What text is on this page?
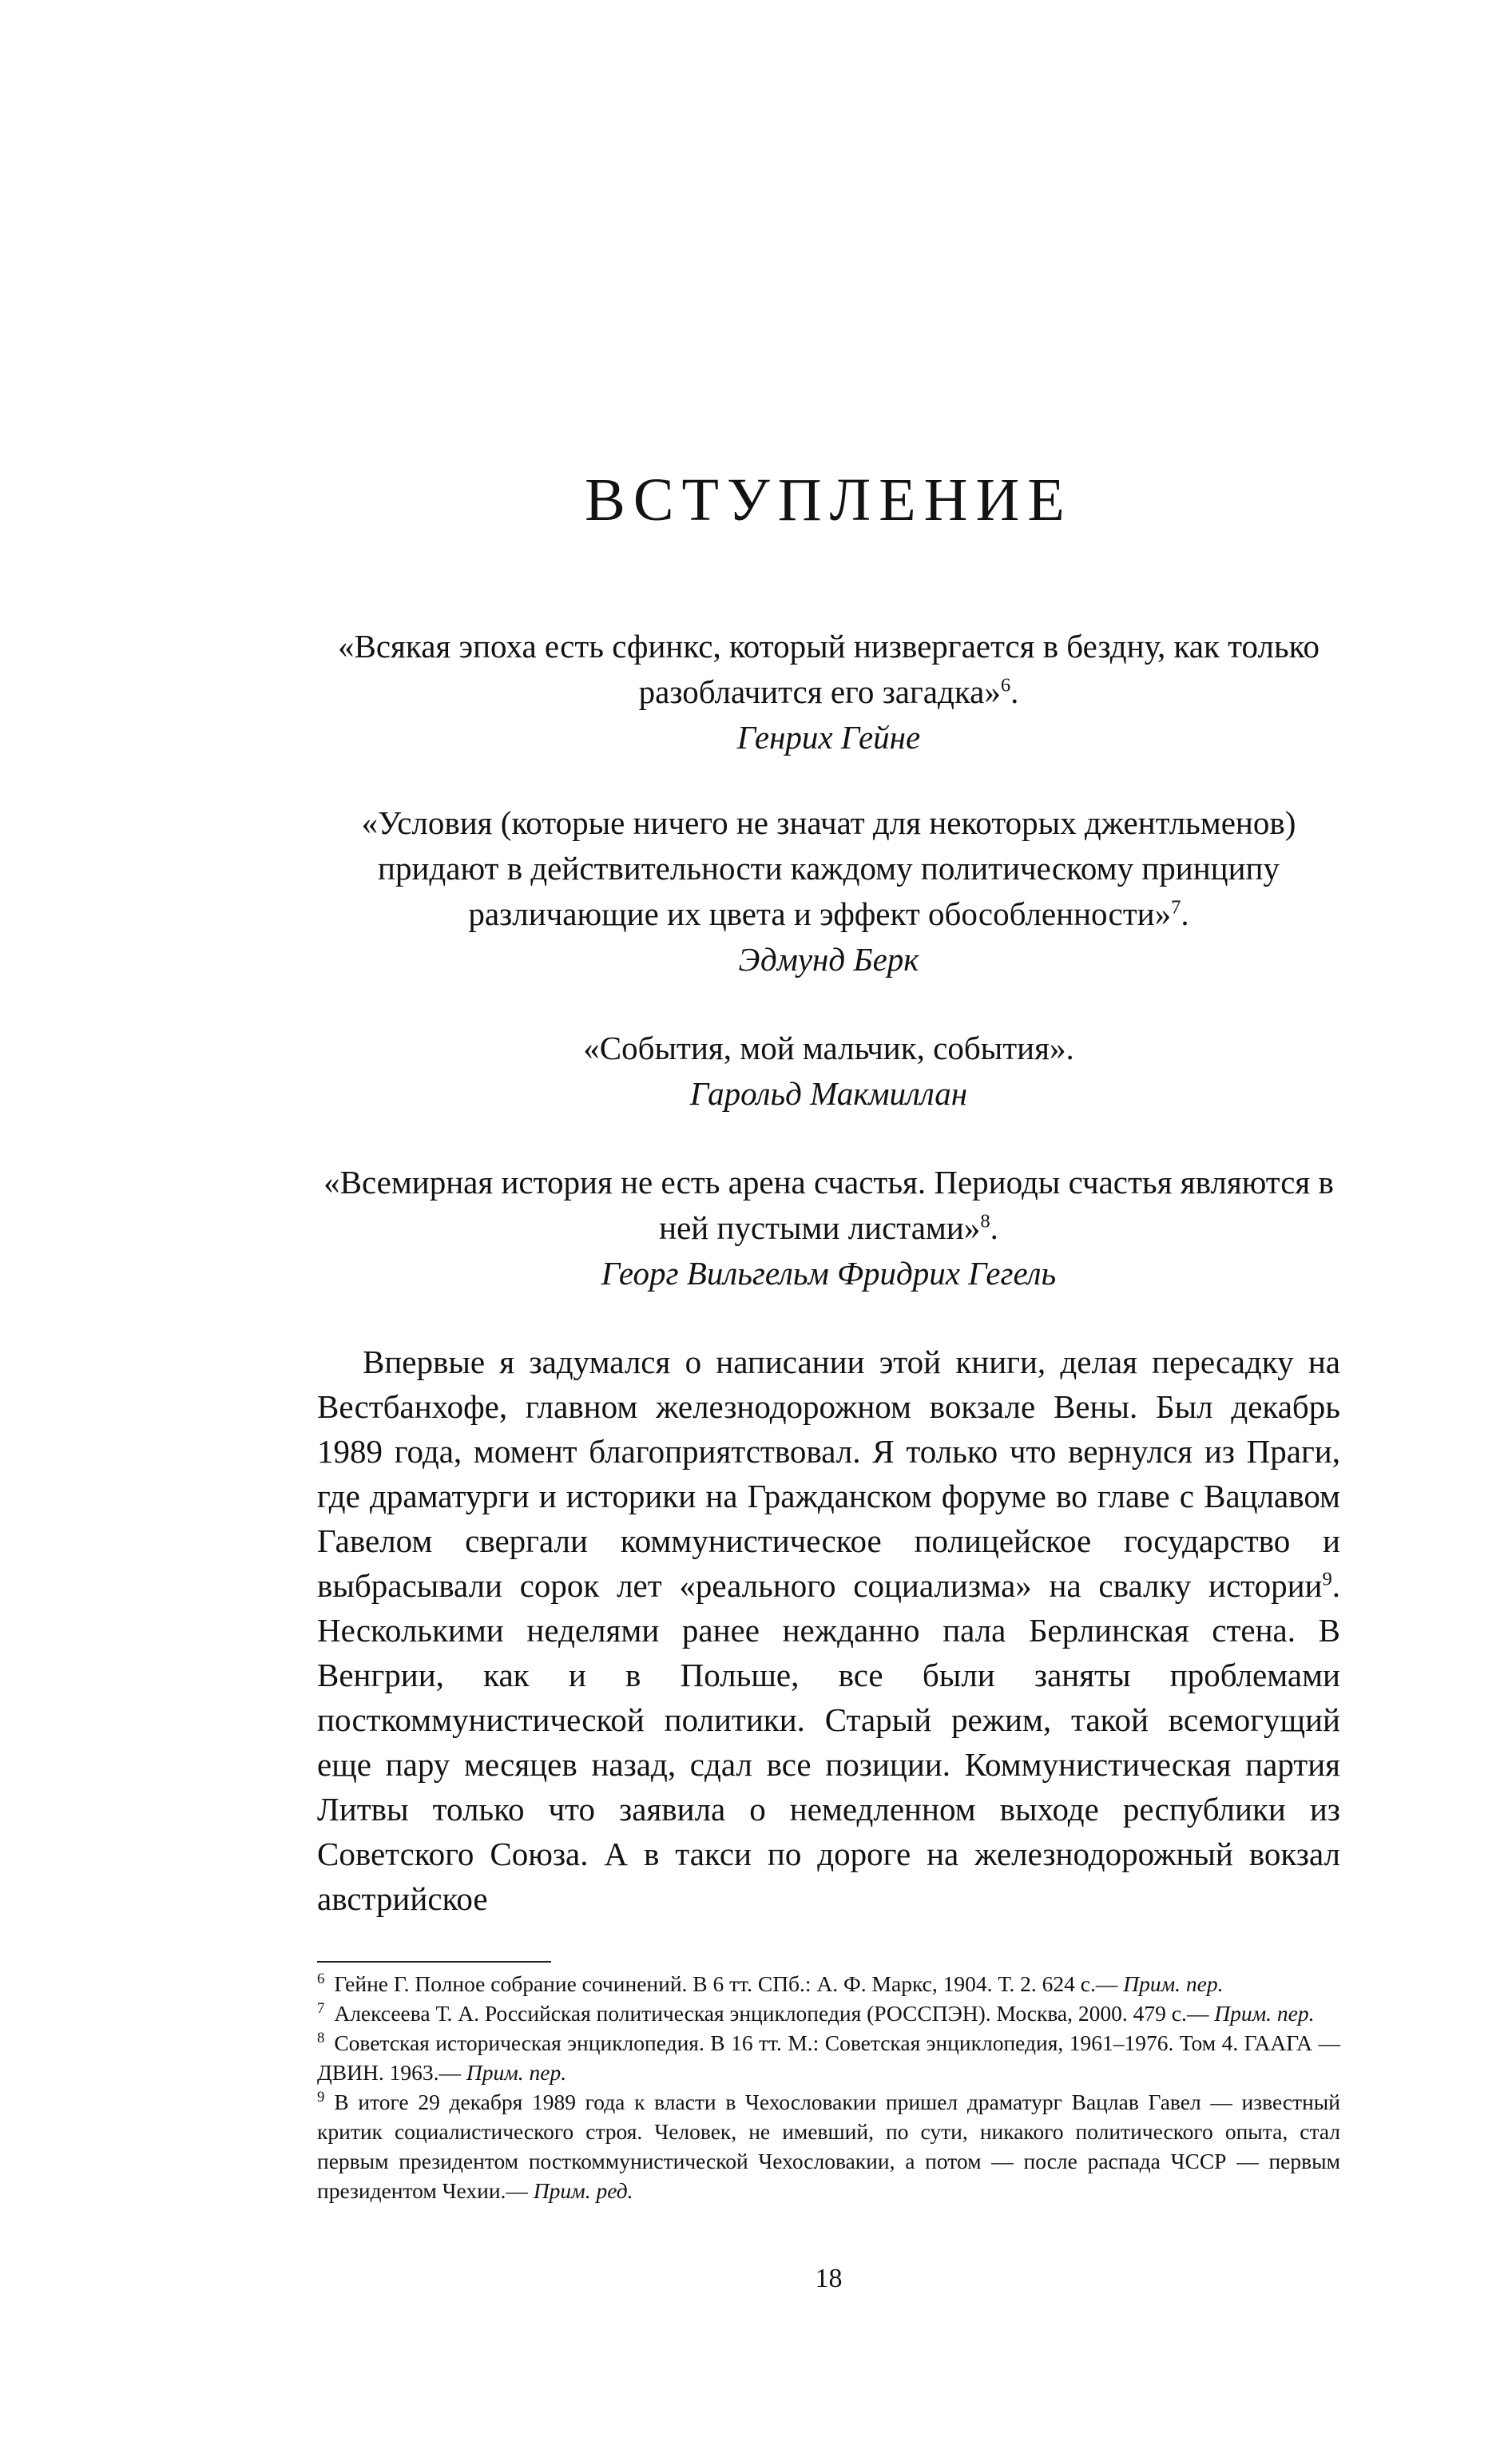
ВСТУПЛЕНИЕ
«Всякая эпоха есть сфинкс, который низвергается в бездну, как только разоблачится его загадка»$^6$.
Генрих Гейне
«Условия (которые ничего не значат для некоторых джентльменов) придают в действительности каждому политическому принципу различающие их цвета и эффект обособленности»$^7$.
Эдмунд Берк
«События, мой мальчик, события».
Гарольд Макмиллан
«Всемирная история не есть арена счастья. Периоды счастья являются в ней пустыми листами»$^8$.
Георг Вильгельм Фридрих Гегель

Впервые я задумался о написании этой книги, делая пересадку на Вестбанхофе, главном железнодорожном вокзале Вены. Был декабрь 1989 года, момент благоприятствовал. Я только что вернулся из Праги, где драматурги и историки на Гражданском форуме во главе с Вацлавом Гавелом свергали коммунистическое полицейское государство и выбрасывали сорок лет «реального социализма» на свалку истории$^9$. Несколькими неделями ранее нежданно пала Берлинская стена. В Венгрии, как и в Польше, все были заняты проблемами посткоммунистической политики. Старый режим, такой всемогущий еще пару месяцев назад, сдал все позиции. Коммунистическая партия Литвы только что заявила о немедленном выходе республики из Советского Союза. А в такси по дороге на железнодорожный вокзал австрийское

$^6$ Гейне Г. Полное собрание сочинений. В 6 тт. СПб.: А. Ф. Маркс, 1904. Т. 2. 624 с.— Прим. пер.

$^7$ Алексеева Т. А. Российская политическая энциклопедия (РОССПЭН). Москва, 2000. 479 с.— Прим. пер.

$^8$ Советская историческая энциклопедия. В 16 тт. М.: Советская энциклопедия, 1961–1976. Том 4. ГААГА — ДВИН. 1963.— Прим. пер.

$^9$ В итоге 29 декабря 1989 года к власти в Чехословакии пришел драматург Вацлав Гавел — известный критик социалистического строя. Человек, не имевший, по сути, никакого политического опыта, стал первым президентом посткоммунистической Чехословакии, а потом — после распада ЧССР — первым президентом Чехии.— Прим. ред.

18
